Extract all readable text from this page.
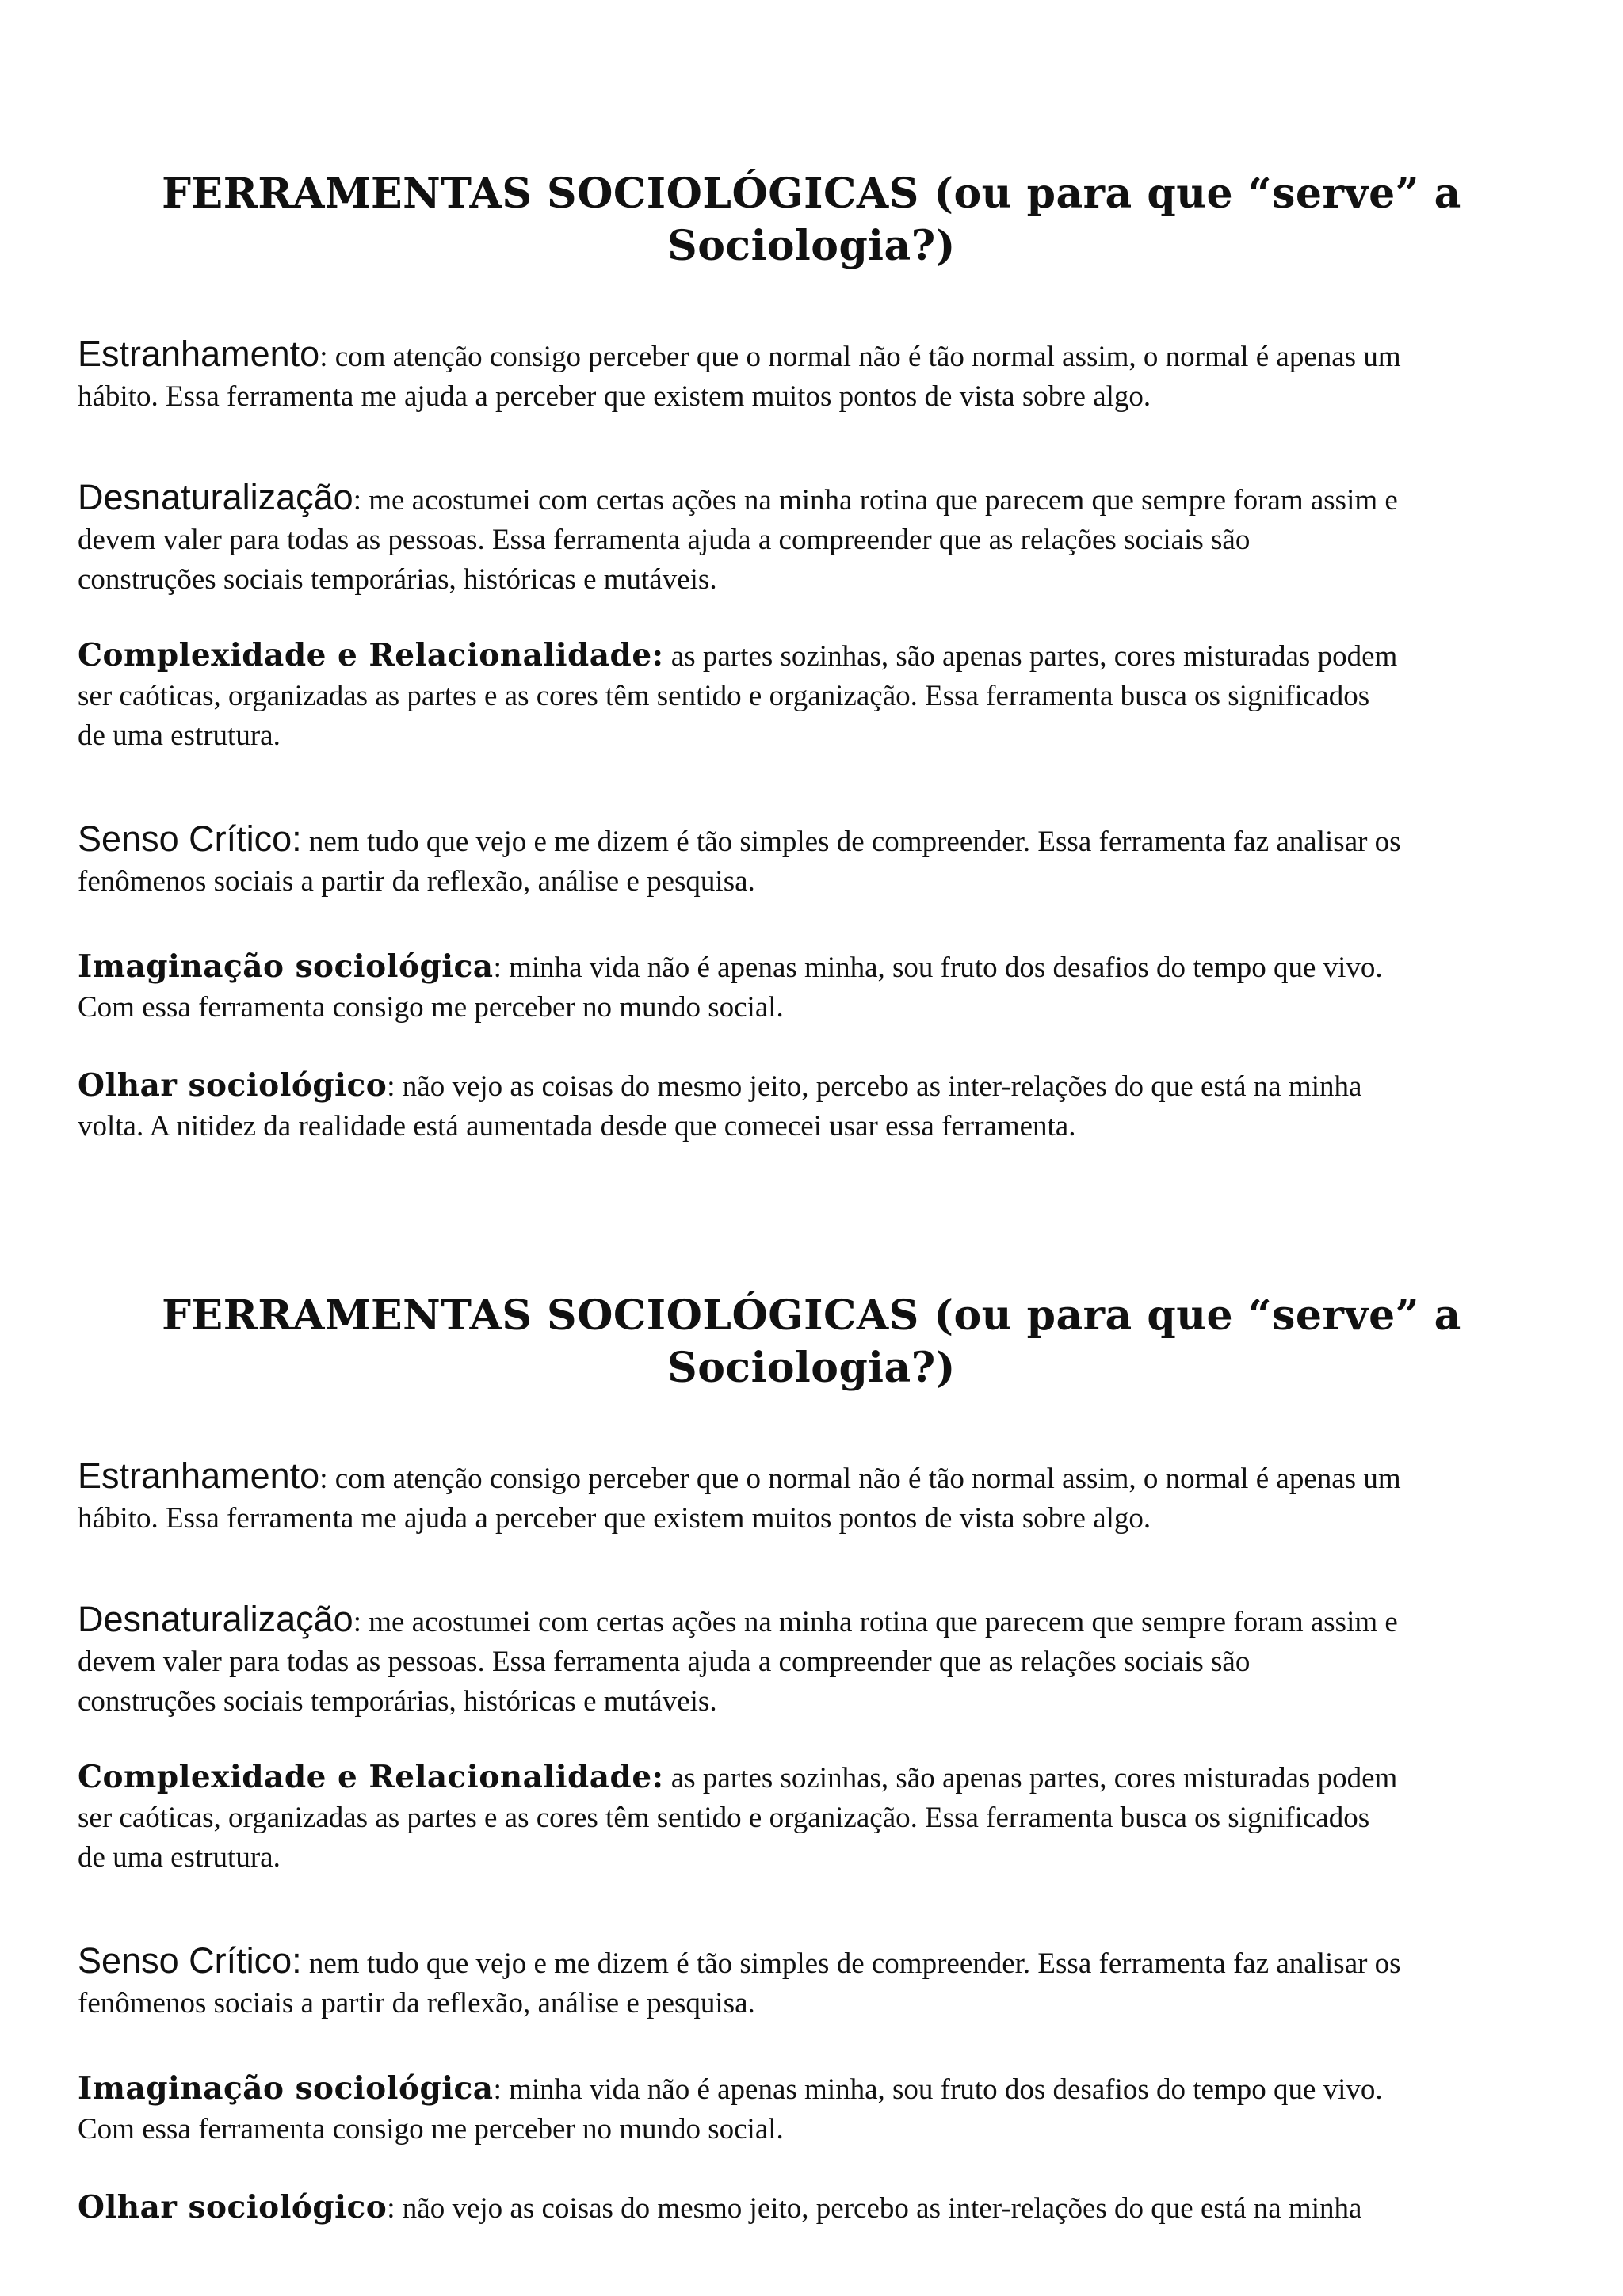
FERRAMENTAS SOCIOLÓGICAS (ou para que “serve” a
Sociologia?)

Estranhamento: com atenção consigo perceber que o normal não é tão normal assim, o normal é apenas um
hábito. Essa ferramenta me ajuda a perceber que existem muitos pontos de vista sobre algo.

Desnaturalização: me acostumei com certas ações na minha rotina que parecem que sempre foram assim e
devem valer para todas as pessoas. Essa ferramenta ajuda a compreender que as relações sociais são
construções sociais temporárias, históricas e mutáveis.

Complexidade e Relacionalidade: as partes sozinhas, são apenas partes, cores misturadas podem
ser caóticas, organizadas as partes e as cores têm sentido e organização. Essa ferramenta busca os significados
de uma estrutura.

Senso Crítico: nem tudo que vejo e me dizem é tão simples de compreender. Essa ferramenta faz analisar os
fenômenos sociais a partir da reflexão, análise e pesquisa.

Imaginação sociológica: minha vida não é apenas minha, sou fruto dos desafios do tempo que vivo.
Com essa ferramenta consigo me perceber no mundo social.

Olhar sociológico: não vejo as coisas do mesmo jeito, percebo as inter-relações do que está na minha
volta. A nitidez da realidade está aumentada desde que comecei usar essa ferramenta.

FERRAMENTAS SOCIOLÓGICAS (ou para que “serve” a
Sociologia?)

Estranhamento: com atenção consigo perceber que o normal não é tão normal assim, o normal é apenas um
hábito. Essa ferramenta me ajuda a perceber que existem muitos pontos de vista sobre algo.

Desnaturalização: me acostumei com certas ações na minha rotina que parecem que sempre foram assim e
devem valer para todas as pessoas. Essa ferramenta ajuda a compreender que as relações sociais são
construções sociais temporárias, históricas e mutáveis.

Complexidade e Relacionalidade: as partes sozinhas, são apenas partes, cores misturadas podem
ser caóticas, organizadas as partes e as cores têm sentido e organização. Essa ferramenta busca os significados
de uma estrutura.

Senso Crítico: nem tudo que vejo e me dizem é tão simples de compreender. Essa ferramenta faz analisar os
fenômenos sociais a partir da reflexão, análise e pesquisa.

Imaginação sociológica: minha vida não é apenas minha, sou fruto dos desafios do tempo que vivo.
Com essa ferramenta consigo me perceber no mundo social.

Olhar sociológico: não vejo as coisas do mesmo jeito, percebo as inter-relações do que está na minha
